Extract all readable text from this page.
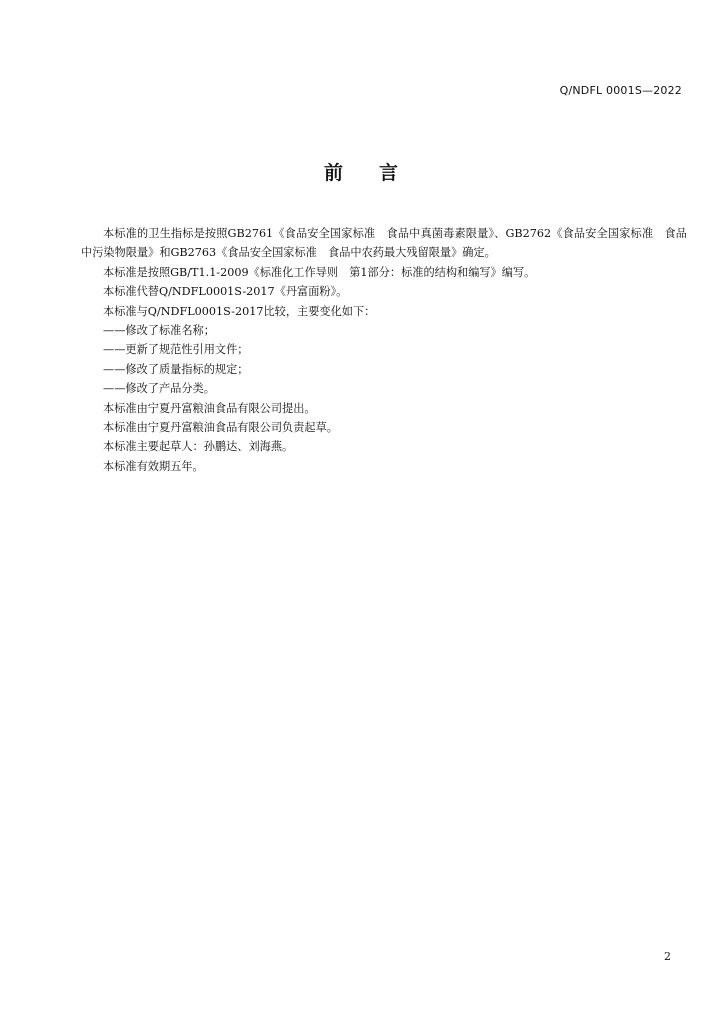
Q/NDFL 0001S—2022
前 言

本标准的卫生指标是按照GB2761《食品安全国家标准　食品中真菌毒素限量》、GB2762《食品安全国家标准　食品中污染物限量》和GB2763《食品安全国家标准　食品中农药最大残留限量》确定。

本标准是按照GB/T1.1-2009《标准化工作导则　第1部分：标准的结构和编写》编写。

本标准代替Q/NDFL0001S-2017《丹富面粉》。

本标准与Q/NDFL0001S-2017比较，主要变化如下：

——修改了标准名称；

——更新了规范性引用文件；

——修改了质量指标的规定；

——修改了产品分类。

本标准由宁夏丹富粮油食品有限公司提出。

本标准由宁夏丹富粮油食品有限公司负责起草。

本标准主要起草人：孙鹏达、刘海燕。

本标准有效期五年。

2
